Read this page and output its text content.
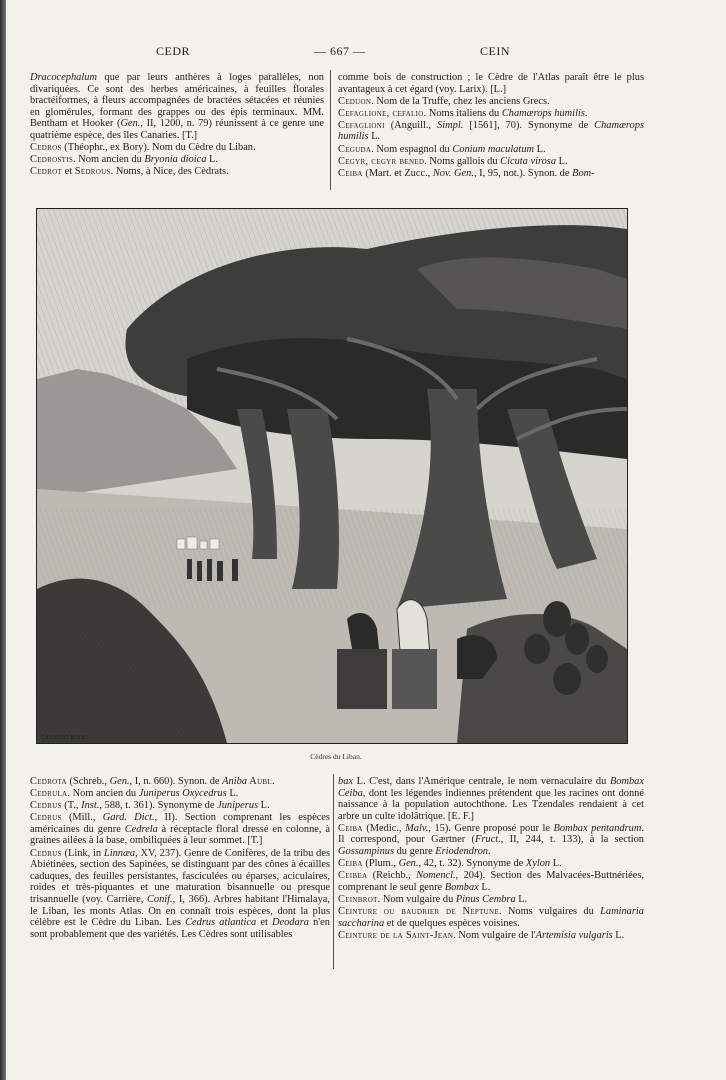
CEDR	— 667 —	CEIN

Dracocephalum que par leurs anthères à loges parallèles, non divariquées. Ce sont des herbes américaines, à feuilles florales bractéiformes, à fleurs accompagnées de bractées sétacées et réunies en glomérules, formant des grappes ou des épis terminaux. MM. Bentham et Hooker (Gen., II, 1200, n. 79) réunissent à ce genre une quatrième espèce, des îles Canaries. [T.]

Cedros (Théophr., ex Bory). Nom du Cèdre du Liban.

Cedrostis. Nom ancien du Bryonia dioica L.

Cedrot et Sedrous. Noms, à Nice, des Cèdrats.

comme bois de construction ; le Cèdre de l'Atlas paraît être le plus avantageux à cet égard (voy. Larix). [L.]

Ceduon. Nom de la Truffe, chez les anciens Grecs.

Cefaglione, cefalio. Noms italiens du Chamærops humilis.

Cefaglioni (Anguill., Simpl. [1561], 70). Synonyme de Chamærops humilis L.

Ceguda. Nom espagnol du Conium maculatum L.

Cegyr, cegyr bened. Noms gallois du Cicuta virosa L.

Ceiba (Mart. et Zucc., Nov. Gen., I, 95, not.). Synon. de Bom-

LAURENT RADO
Cèdres du Liban.

Cedrota (Schreb., Gen., I, n. 660). Synon. de Aniba Aubl.

Cedrula. Nom ancien du Juniperus Oxycedrus L.

Cedrus (T., Inst., 588, t. 361). Synonyme de Juniperus L.

Cedrus (Mill., Gard. Dict., II). Section comprenant les espèces américaines du genre Cedrela à réceptacle floral dressé en colonne, à graines ailées à la base, ombiliquées à leur sommet. [T.]

Cedrus (Link, in Linnæa, XV, 237). Genre de Conifères, de la tribu des Abiétinées, section des Sapinées, se distinguant par des cônes à écailles caduques, des feuilles persistantes, fasciculées ou éparses, aciculaires, roides et très-piquantes et une maturation bisannuelle ou presque trisannuelle (voy. Carrière, Conif., I, 366). Arbres habitant l'Himalaya, le Liban, les monts Atlas. On en connaît trois espèces, dont la plus célèbre est le Cèdre du Liban. Les Cedrus atlantica et Deodara n'en sont probablement que des variétés. Les Cèdres sont utilisables

bax L. C'est, dans l'Amérique centrale, le nom vernaculaire du Bombax Ceiba, dont les légendes indiennes prétendent que les racines ont donné naissance à la population autochthone. Les Tzendales rendaient à cet arbre un culte idolâtrique. [E. F.]

Ceiba (Medic., Malv., 15). Genre proposé pour le Bombax pentandrum. Il correspond, pour Gærtner (Fruct., II, 244, t. 133), à la section Gossampinus du genre Eriodendron.

Ceiba (Plum., Gen., 42, t. 32). Synonyme de Xylon L.

Ceibea (Reichb., Nomencl., 204). Section des Malvacées-Buttnériées, comprenant le seul genre Bombax L.

Ceinbrot. Nom vulgaire du Pinus Cembra L.

Ceinture ou baudrier de Neptune. Noms vulgaires du Laminaria saccharina et de quelques espèces voisines.

Ceinture de la Saint-Jean. Nom vulgaire de l'Artemisia vulgaris L.
